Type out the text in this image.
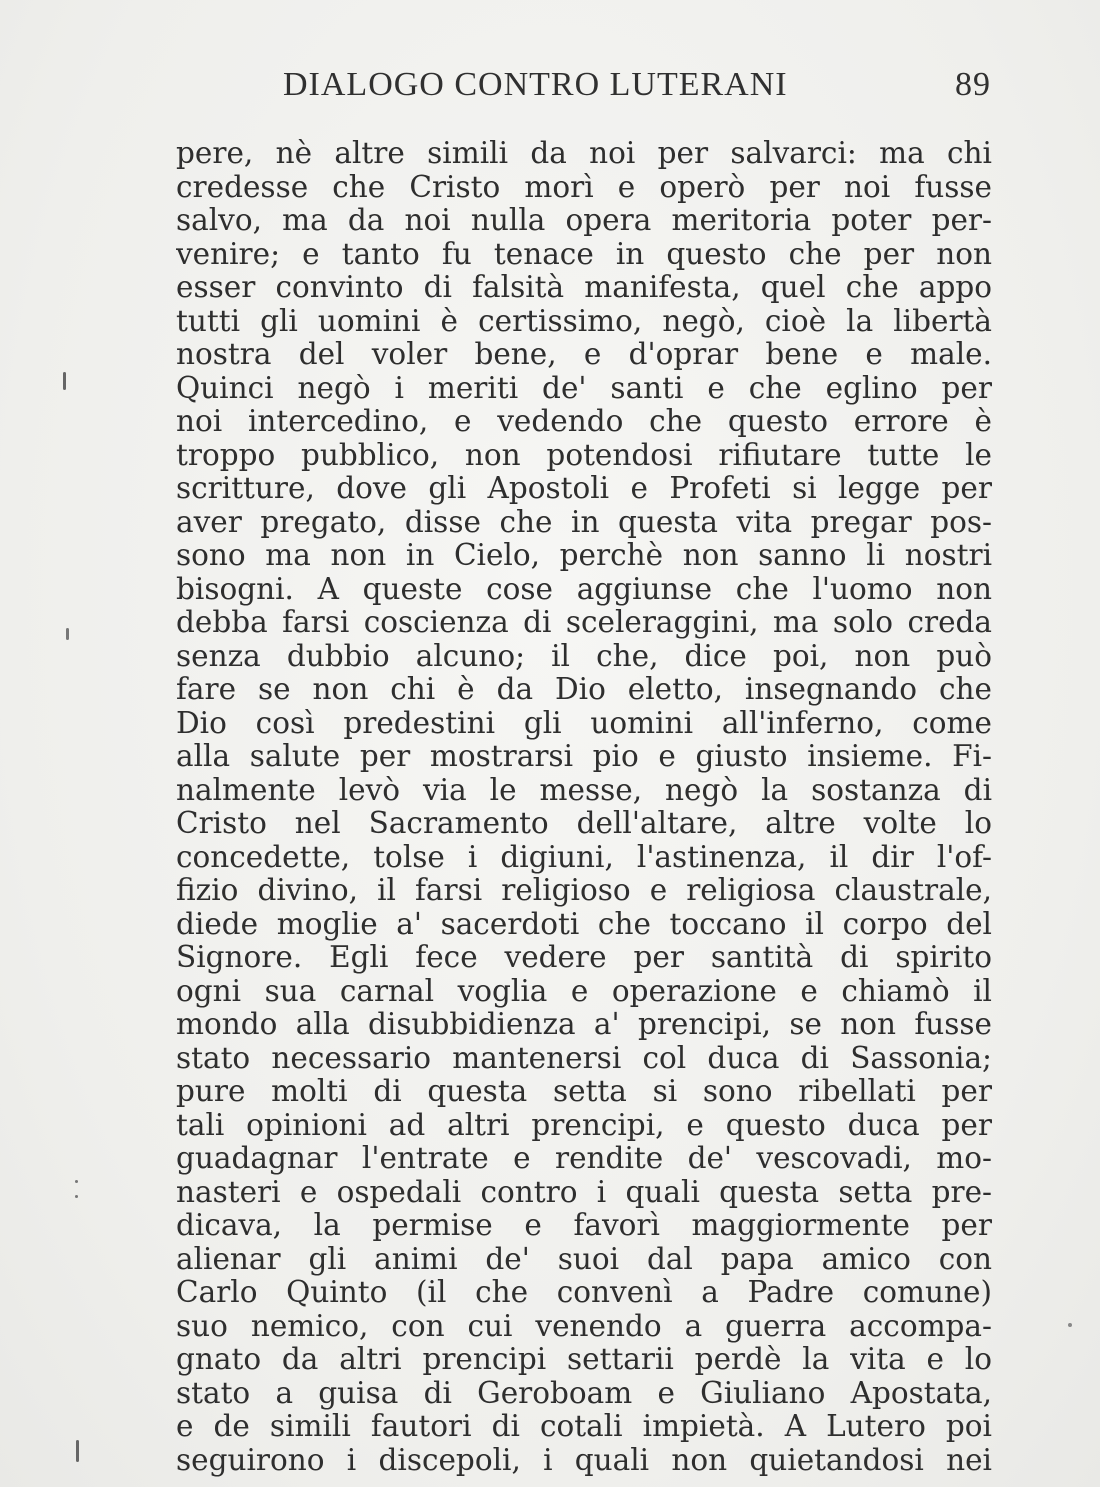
DIALOGO CONTRO LUTERANI	89
pere, nè altre simili da noi per salvarci: ma chi
credesse che Cristo morì e operò per noi fusse
salvo, ma da noi nulla opera meritoria poter per-
venire; e tanto fu tenace in questo che per non
esser convinto di falsità manifesta, quel che appo
tutti gli uomini è certissimo, negò, cioè la libertà
nostra del voler bene, e d'oprar bene e male.
Quinci negò i meriti de' santi e che eglino per
noi intercedino, e vedendo che questo errore è
troppo pubblico, non potendosi rifiutare tutte le
scritture, dove gli Apostoli e Profeti si legge per
aver pregato, disse che in questa vita pregar pos-
sono ma non in Cielo, perchè non sanno li nostri
bisogni. A queste cose aggiunse che l'uomo non
debba farsi coscienza di sceleraggini, ma solo creda
senza dubbio alcuno; il che, dice poi, non può
fare se non chi è da Dio eletto, insegnando che
Dio così predestini gli uomini all'inferno, come
alla salute per mostrarsi pio e giusto insieme. Fi-
nalmente levò via le messe, negò la sostanza di
Cristo nel Sacramento dell'altare, altre volte lo
concedette, tolse i digiuni, l'astinenza, il dir l'of-
fizio divino, il farsi religioso e religiosa claustrale,
diede moglie a' sacerdoti che toccano il corpo del
Signore. Egli fece vedere per santità di spirito
ogni sua carnal voglia e operazione e chiamò il
mondo alla disubbidienza a' prencipi, se non fusse
stato necessario mantenersi col duca di Sassonia;
pure molti di questa setta si sono ribellati per
tali opinioni ad altri prencipi, e questo duca per
guadagnar l'entrate e rendite de' vescovadi, mo-
nasteri e ospedali contro i quali questa setta pre-
dicava, la permise e favorì maggiormente per
alienar gli animi de' suoi dal papa amico con
Carlo Quinto (il che convenì a Padre comune)
suo nemico, con cui venendo a guerra accompa-
gnato da altri prencipi settarii perdè la vita e lo
stato a guisa di Geroboam e Giuliano Apostata,
e de simili fautori di cotali impietà. A Lutero poi
seguirono i discepoli, i quali non quietandosi nei
